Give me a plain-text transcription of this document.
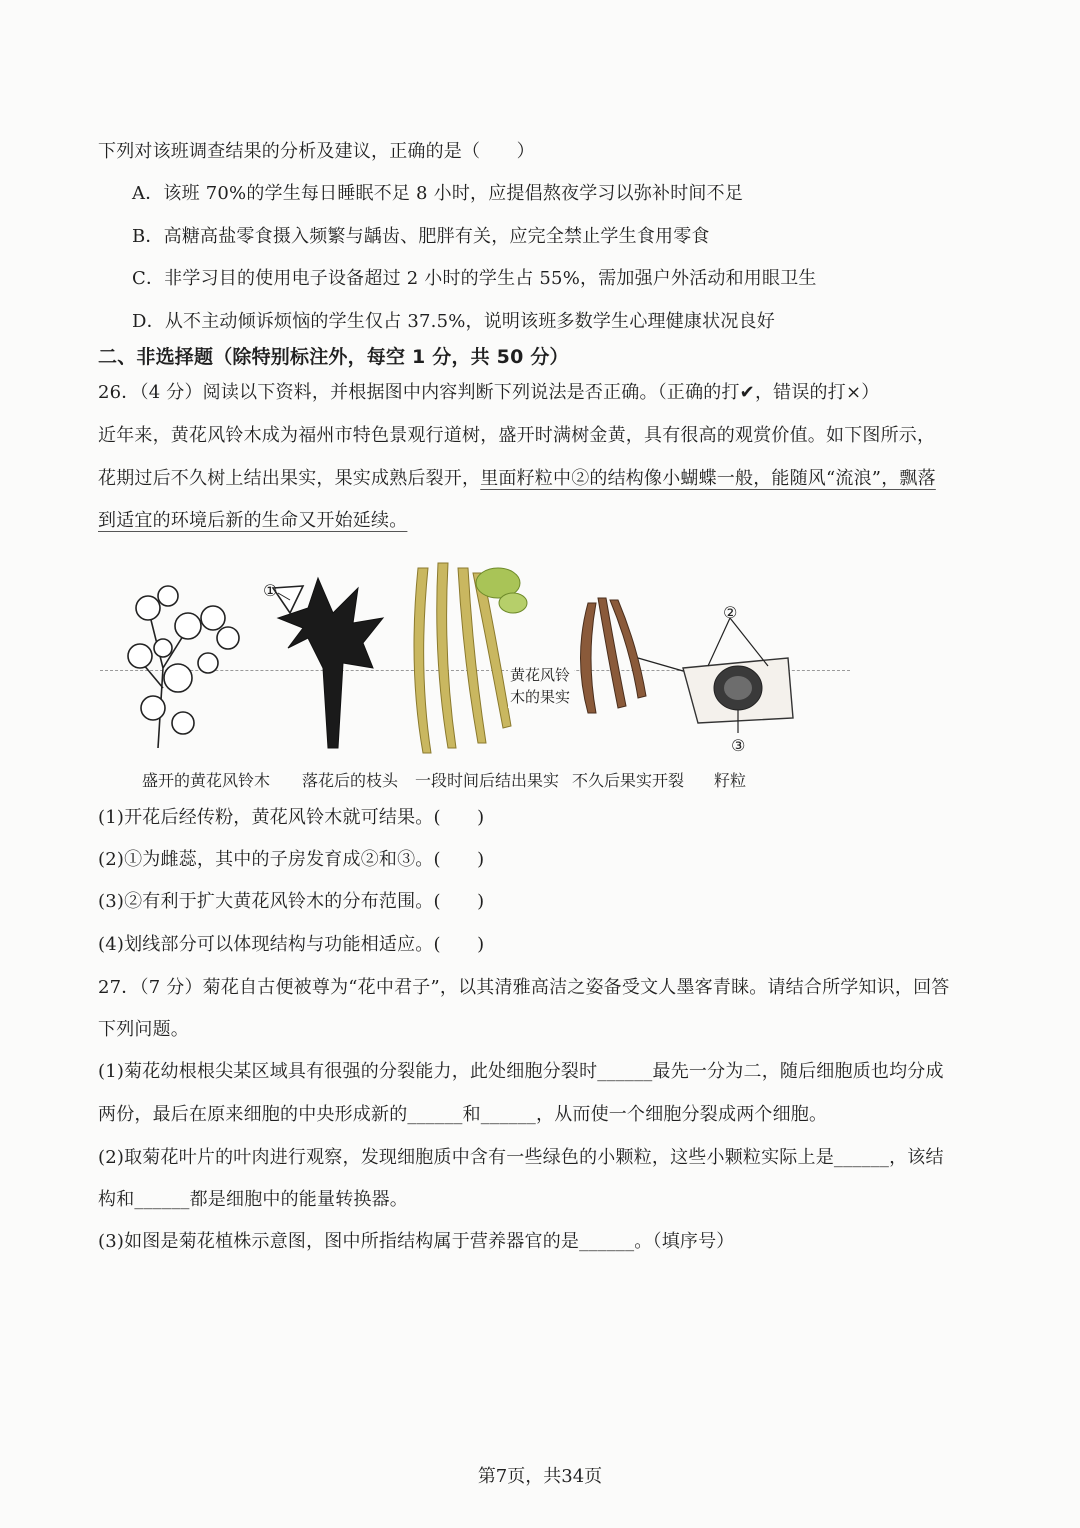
下列对该班调查结果的分析及建议，正确的是（　　）
A．该班 70%的学生每日睡眠不足 8 小时，应提倡熬夜学习以弥补时间不足
B．高糖高盐零食摄入频繁与龋齿、肥胖有关，应完全禁止学生食用零食
C．非学习目的使用电子设备超过 2 小时的学生占 55%，需加强户外活动和用眼卫生
D．从不主动倾诉烦恼的学生仅占 37.5%，说明该班多数学生心理健康状况良好
二、非选择题（除特别标注外，每空 1 分，共 50 分）
26．（4 分）阅读以下资料，并根据图中内容判断下列说法是否正确。（正确的打✔，错误的打×）
近年来，黄花风铃木成为福州市特色景观行道树，盛开时满树金黄，具有很高的观赏价值。如下图所示，
花期过后不久树上结出果实，果实成熟后裂开，里面籽粒中②的结构像小蝴蝶一般，能随风“流浪”，飘落
到适宜的环境后新的生命又开始延续。
①
②
③
黄花风铃木的果实
盛开的黄花风铃木 落花后的枝头 一段时间后结出果实 不久后果实开裂 籽粒
(1)开花后经传粉，黄花风铃木就可结果。(　　)
(2)①为雌蕊，其中的子房发育成②和③。(　　)
(3)②有利于扩大黄花风铃木的分布范围。(　　)
(4)划线部分可以体现结构与功能相适应。(　　)
27．（7 分）菊花自古便被尊为“花中君子”，以其清雅高洁之姿备受文人墨客青睐。请结合所学知识，回答
下列问题。
(1)菊花幼根根尖某区域具有很强的分裂能力，此处细胞分裂时______最先一分为二，随后细胞质也均分成
两份，最后在原来细胞的中央形成新的______和______，从而使一个细胞分裂成两个细胞。
(2)取菊花叶片的叶肉进行观察，发现细胞质中含有一些绿色的小颗粒，这些小颗粒实际上是______，该结
构和______都是细胞中的能量转换器。
(3)如图是菊花植株示意图，图中所指结构属于营养器官的是______。（填序号）
第7页，共34页
